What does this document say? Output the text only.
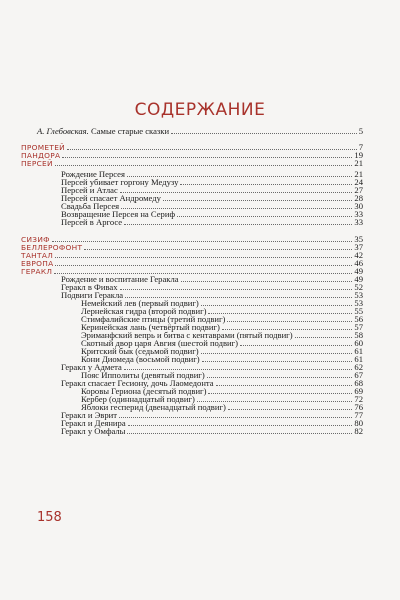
СОДЕРЖАНИЕ
А. Глебовская. Самые старые сказки	5
ПРОМЕТЕЙ	7
ПАНДОРА	19
ПЕРСЕЙ	21
Рождение Персея	21
Персей убивает горгону Медузу	24
Персей и Атлас	27
Персей спасает Андромеду	28
Свадьба Персея	30
Возвращение Персея на Сериф	33
Персей в Аргосе	33
СИЗИФ	35
БЕЛЛЕРОФОНТ	37
ТАНТАЛ	42
ЕВРОПА	46
ГЕРАКЛ	49
Рождение и воспитание Геракла	49
Геракл в Фивах	52
Подвиги Геракла	53
Немейский лев (первый подвиг)	53
Лернейская гидра (второй подвиг)	55
Стимфалийские птицы (третий подвиг)	56
Керинейская лань (четвёртый подвиг)	57
Эриманфский вепрь и битва с кентаврами (пятый подвиг)	58
Скотный двор царя Авгия (шестой подвиг)	60
Критский бык (седьмой подвиг)	61
Кони Диомеда (восьмой подвиг)	61
Геракл у Адмета	62
Пояс Ипполиты (девятый подвиг)	67
Геракл спасает Гесиону, дочь Лаомедонта	68
Коровы Гериона (десятый подвиг)	69
Кербер (одиннадцатый подвиг)	72
Яблоки гесперид (двенадцатый подвиг)	76
Геракл и Эврит	77
Геракл и Деянира	80
Геракл у Омфалы	82
158
